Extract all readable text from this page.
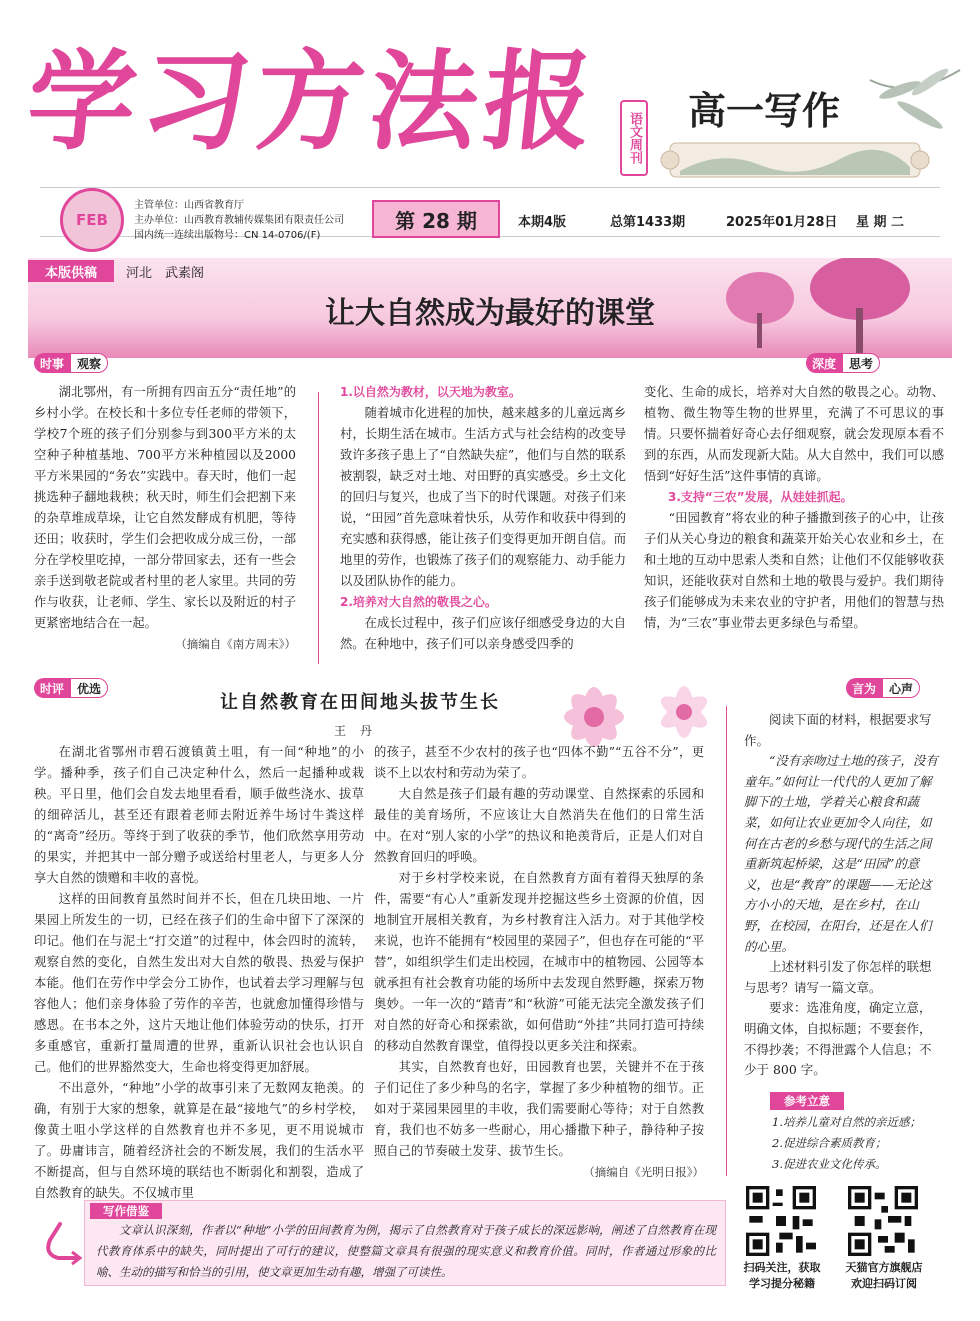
学习方法报	语文周刊
高一写作
FEB
主管单位：山西省教育厅
主办单位：山西教育教辅传媒集团有限责任公司
国内统一连续出版物号：CN 14-0706/(F)
第 28 期	本期4版	总第1433期	2025年01月28日 星 期 二
本版供稿	河北　武素阁
让大自然成为最好的课堂
时事	观察	深度	思考

湖北鄂州，有一所拥有四亩五分“责任地”的乡村小学。在校长和十多位专任老师的带领下，学校7个班的孩子们分别参与到300平方米的太空种子种植基地、700平方米种植园以及2000平方米果园的“务农”实践中。春天时，他们一起挑选种子翻地栽秧；秋天时，师生们会把割下来的杂草堆成草垛，让它自然发酵成有机肥，等待还田；收获时，学生们会把收成分成三份，一部分在学校里吃掉，一部分带回家去，还有一些会亲手送到敬老院或者村里的老人家里。共同的劳作与收获，让老师、学生、家长以及附近的村子更紧密地结合在一起。

（摘编自《南方周末》）
1.以自然为教材，以天地为教室。

随着城市化进程的加快，越来越多的儿童远离乡村，长期生活在城市。生活方式与社会结构的改变导致许多孩子患上了“自然缺失症”，他们与自然的联系被割裂，缺乏对土地、对田野的真实感受。乡土文化的回归与复兴，也成了当下的时代课题。对孩子们来说，“田园”首先意味着快乐，从劳作和收获中得到的充实感和获得感，能让孩子们变得更加开朗自信。而地里的劳作，也锻炼了孩子们的观察能力、动手能力以及团队协作的能力。

2.培养对大自然的敬畏之心。

在成长过程中，孩子们应该仔细感受身边的大自然。在种地中，孩子们可以亲身感受四季的

变化、生命的成长，培养对大自然的敬畏之心。动物、植物、微生物等生物的世界里，充满了不可思议的事情。只要怀揣着好奇心去仔细观察，就会发现原本看不到的东西，从而发现新大陆。从大自然中，我们可以感悟到“好好生活”这件事情的真谛。

3.支持“三农”发展，从娃娃抓起。

“田园教育”将农业的种子播撒到孩子的心中，让孩子们从关心身边的粮食和蔬菜开始关心农业和乡土，在和土地的互动中思索人类和自然；让他们不仅能够收获知识，还能收获对自然和土地的敬畏与爱护。我们期待孩子们能够成为未来农业的守护者，用他们的智慧与热情，为“三农”事业带去更多绿色与希望。

时评	优选	言为	心声
让自然教育在田间地头拔节生长
王丹

在湖北省鄂州市碧石渡镇黄土咀，有一间“种地”的小学。播种季，孩子们自己决定种什么，然后一起播种或栽秧。平日里，他们会自发去地里看看，顺手做些浇水、拔草的细碎活儿，甚至还有跟着老师去附近养牛场讨牛粪这样的“离奇”经历。等终于到了收获的季节，他们欣然享用劳动的果实，并把其中一部分赠予或送给村里老人，与更多人分享大自然的馈赠和丰收的喜悦。

这样的田间教育虽然时间并不长，但在几块田地、一片果园上所发生的一切，已经在孩子们的生命中留下了深深的印记。他们在与泥土“打交道”的过程中，体会四时的流转，观察自然的变化，自然生发出对大自然的敬畏、热爱与保护本能。他们在劳作中学会分工协作，也试着去学习理解与包容他人；他们亲身体验了劳作的辛苦，也就愈加懂得珍惜与感恩。在书本之外，这片天地让他们体验劳动的快乐，打开多重感官，重新打量周遭的世界，重新认识社会也认识自己。他们的世界豁然变大，生命也将变得更加舒展。

不出意外，“种地”小学的故事引来了无数网友艳羡。的确，有别于大家的想象，就算是在最“接地气”的乡村学校，像黄土咀小学这样的自然教育也并不多见，更不用说城市了。毋庸讳言，随着经济社会的不断发展，我们的生活水平不断提高，但与自然环境的联结也不断弱化和割裂，造成了自然教育的缺失。不仅城市里

的孩子，甚至不少农村的孩子也“四体不勤”“五谷不分”，更谈不上以农村和劳动为荣了。

大自然是孩子们最有趣的劳动课堂、自然探索的乐园和最佳的美育场所，不应该让大自然消失在他们的日常生活中。在对“别人家的小学”的热议和艳羡背后，正是人们对自然教育回归的呼唤。

对于乡村学校来说，在自然教育方面有着得天独厚的条件，需要“有心人”重新发现并挖掘这些乡土资源的价值，因地制宜开展相关教育，为乡村教育注入活力。对于其他学校来说，也许不能拥有“校园里的菜园子”，但也存在可能的“平替”，如组织学生们走出校园，在城市中的植物园、公园等本就承担有社会教育功能的场所中去发现自然野趣，探索万物奥妙。一年一次的“踏青”和“秋游”可能无法完全激发孩子们对自然的好奇心和探索欲，如何借助“外挂”共同打造可持续的移动自然教育课堂，值得投以更多关注和探索。

其实，自然教育也好，田园教育也罢，关键并不在于孩子们记住了多少种鸟的名字，掌握了多少种植物的细节。正如对于菜园果园里的丰收，我们需要耐心等待；对于自然教育，我们也不妨多一些耐心，用心播撒下种子，静待种子按照自己的节奏破土发芽、拔节生长。

（摘编自《光明日报》）

阅读下面的材料，根据要求写作。

“没有亲吻过土地的孩子，没有童年。”如何让一代代的人更加了解脚下的土地，学着关心粮食和蔬菜，如何让农业更加令人向往，如何在古老的乡愁与现代的生活之间重新筑起桥梁，这是“田园”的意义，也是“教育”的课题——无论这方小小的天地，是在乡村，在山野，在校园，在阳台，还是在人们的心里。

上述材料引发了你怎样的联想与思考？请写一篇文章。

要求：选准角度，确定立意，明确文体，自拟标题；不要套作，不得抄袭；不得泄露个人信息；不少于 800 字。

参考立意
1.培养儿童对自然的亲近感；
2.促进综合素质教育；
3.促进农业文化传承。
扫码关注，获取
学习提分秘籍
天猫官方旗舰店
欢迎扫码订阅
写作借鉴
文章认识深刻，作者以“种地”小学的田间教育为例，揭示了自然教育对于孩子成长的深远影响，阐述了自然教育在现代教育体系中的缺失，同时提出了可行的建议，使整篇文章具有很强的现实意义和教育价值。同时，作者通过形象的比喻、生动的描写和恰当的引用，使文章更加生动有趣，增强了可读性。
